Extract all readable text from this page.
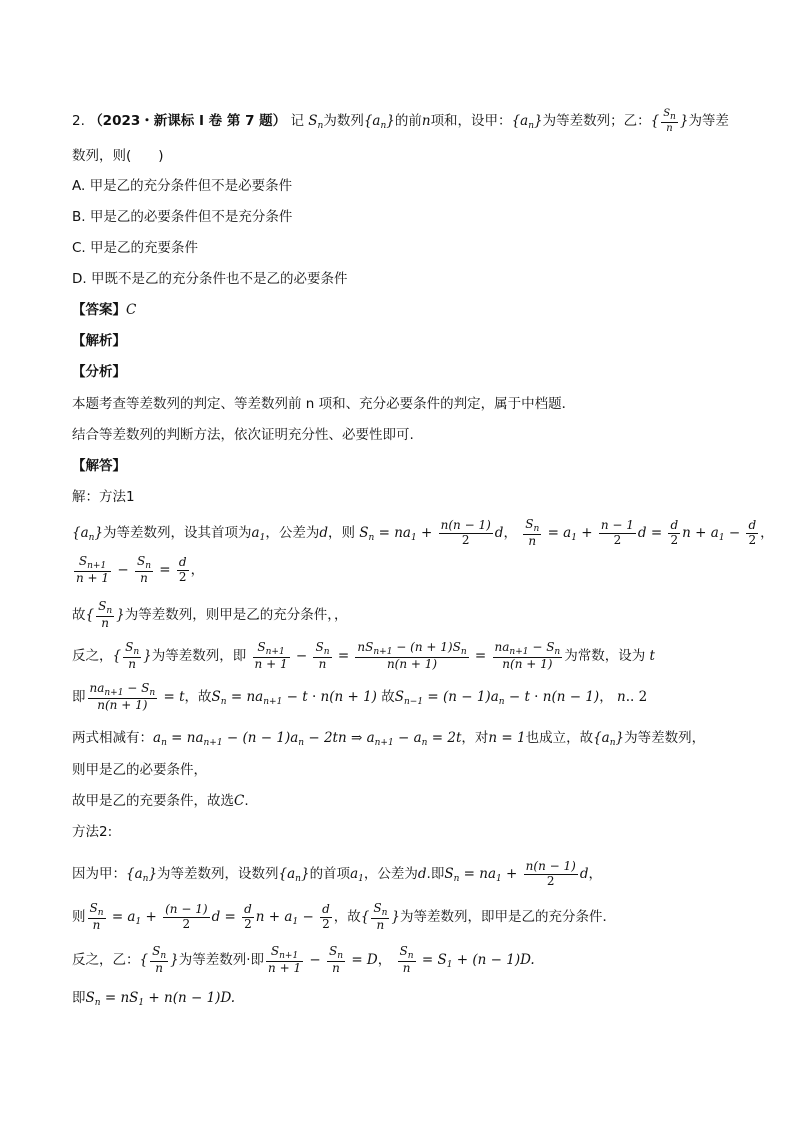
2. （2023・新课标 I 卷 第 7 题） 记 $S_n$为数列$\{a_n\}$的前n项和，设甲：$\{a_n\}$为等差数列；乙：{ $\frac{S_n}{n}$ }为等差
数列，则(　　)
A. 甲是乙的充分条件但不是必要条件
B. 甲是乙的必要条件但不是充分条件
C. 甲是乙的充要条件
D. 甲既不是乙的充分条件也不是乙的必要条件
【答案】C
【解析】
【分析】
本题考查等差数列的判定、等差数列前 n 项和、充分必要条件的判定，属于中档题．
结合等差数列的判断方法，依次证明充分性、必要性即可.
【解答】
解：方法1
$\{a_n\}$为等差数列，设其首项为$a_1$，公差为d，则 $S_n = na_1 + \frac{n(n - 1)}{2}$ d， $\frac{S_n}{n} = a_1 + \frac{n - 1}{2}$ $d = \frac{d}{2}$ $n + a_1 - \frac{d}{2}$ ，
$\frac{S_{n+1}}{n + 1} - \frac{S_n}{n} = \frac{d}{2}$ ，
故{ $\frac{S_n}{n}$ }为等差数列，则甲是乙的充分条件，，
反之，{ $\frac{S_n}{n}$ }为等差数列，即 $\frac{S_{n+1}}{n + 1} - \frac{S_n}{n} = \frac{nS_{n+1} - (n + 1)S_n}{n(n + 1)} = \frac{na_{n+1} - S_n}{n(n + 1)}$ 为常数，设为 t
即 $\frac{na_{n+1} - S_n}{n(n + 1)} = t$，故$S_n = na_{n+1} - t \cdot n(n + 1)$ 故$S_{n-1} = (n - 1)a_n - t \cdot n(n - 1)$， n.. 2
两式相减有：$a_n = na_{n+1} - (n - 1)a_n - 2tn$ ⇒ $a_{n+1} - a_n = 2t$，对n = 1也成立，故$\{a_n\}$为等差数列，
则甲是乙的必要条件，
故甲是乙的充要条件，故选C.
方法2:
因为甲：$\{a_n\}$为等差数列，设数列$\{a_n\}$的首项$a_1$，公差为d.即$S_n = na_1 + \frac{n(n - 1)}{2}$ d，
则 $\frac{S_n}{n} = a_1 + \frac{(n - 1)}{2}$ $d = \frac{d}{2}$ $n + a_1 - \frac{d}{2}$ ，故{ $\frac{S_n}{n}$ }为等差数列，即甲是乙的充分条件．
反之，乙：{ $\frac{S_n}{n}$ }为等差数列·即 $\frac{S_{n+1}}{n + 1} - \frac{S_n}{n} = D$， $\frac{S_n}{n} = S_1 + (n - 1)D$.
即$S_n = nS_1 + n(n - 1)D$.
